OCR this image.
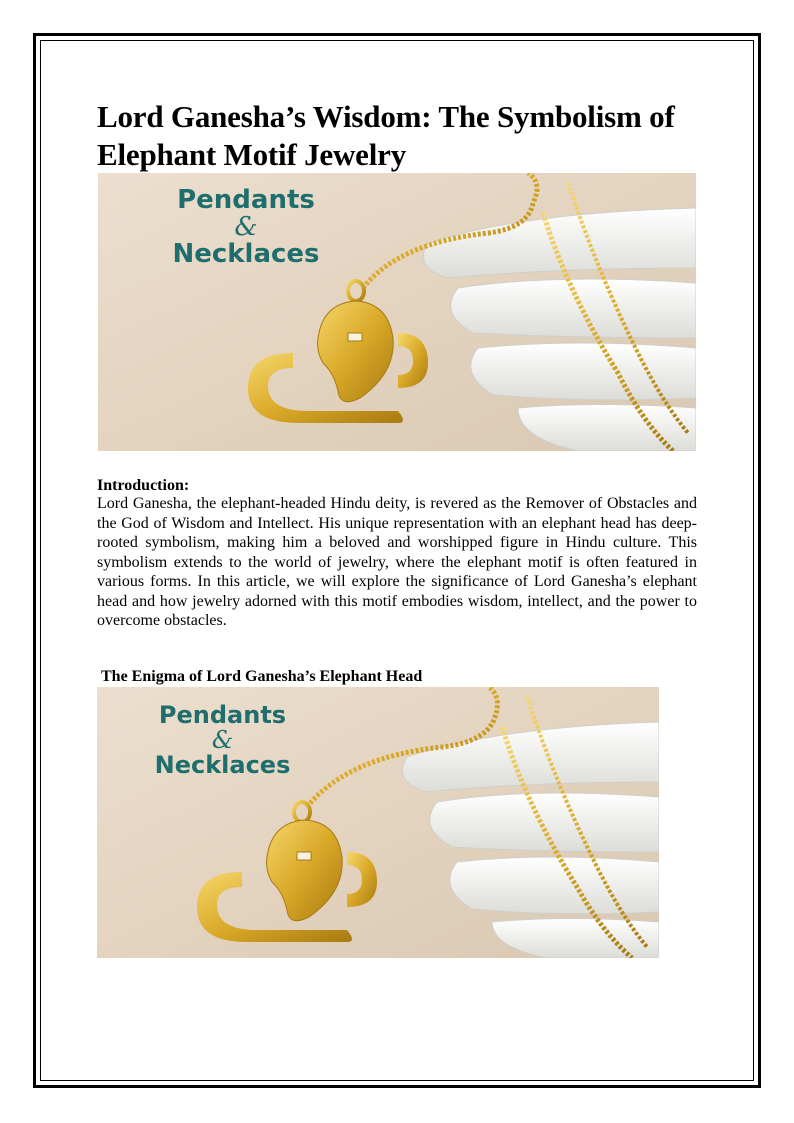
Lord Ganesha’s Wisdom: The Symbolism of Elephant Motif Jewelry
Pendants
&
Necklaces

Introduction:

Lord Ganesha, the elephant-headed Hindu deity, is revered as the Remover of Obstacles and the God of Wisdom and Intellect. His unique representation with an elephant head has deep-rooted symbolism, making him a beloved and worshipped figure in Hindu culture. This symbolism extends to the world of jewelry, where the elephant motif is often featured in various forms. In this article, we will explore the significance of Lord Ganesha’s elephant head and how jewelry adorned with this motif embodies wisdom, intellect, and the power to overcome obstacles.

The Enigma of Lord Ganesha’s Elephant Head

Pendants
&
Necklaces
